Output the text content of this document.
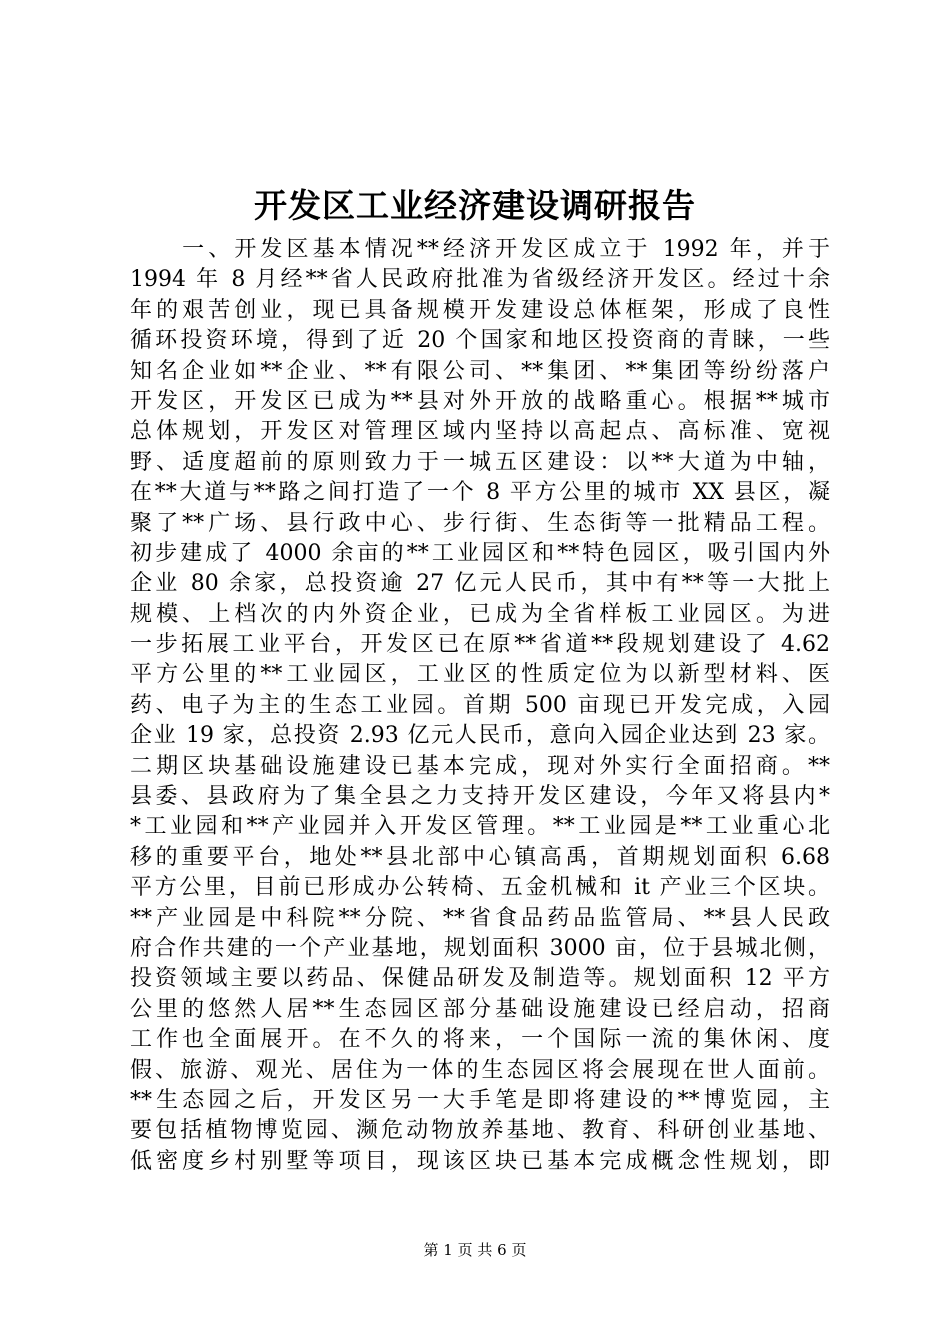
开发区工业经济建设调研报告
　　一、开发区基本情况**经济开发区成立于 1992 年，并于
1994 年 8 月经**省人民政府批准为省级经济开发区。经过十余
年的艰苦创业，现已具备规模开发建设总体框架，形成了良性
循环投资环境，得到了近 20 个国家和地区投资商的青睐，一些
知名企业如**企业、**有限公司、**集团、**集团等纷纷落户
开发区，开发区已成为**县对外开放的战略重心。根据**城市
总体规划，开发区对管理区域内坚持以高起点、高标准、宽视
野、适度超前的原则致力于一城五区建设：以**大道为中轴，
在**大道与**路之间打造了一个 8 平方公里的城市 XX 县区，凝
聚了**广场、县行政中心、步行街、生态街等一批精品工程。
初步建成了 4000 余亩的**工业园区和**特色园区，吸引国内外
企业 80 余家，总投资逾 27 亿元人民币，其中有**等一大批上
规模、上档次的内外资企业，已成为全省样板工业园区。为进
一步拓展工业平台，开发区已在原**省道**段规划建设了 4.62
平方公里的**工业园区，工业区的性质定位为以新型材料、医
药、电子为主的生态工业园。首期 500 亩现已开发完成，入园
企业 19 家，总投资 2.93 亿元人民币，意向入园企业达到 23 家。
二期区块基础设施建设已基本完成，现对外实行全面招商。**
县委、县政府为了集全县之力支持开发区建设，今年又将县内*
*工业园和**产业园并入开发区管理。**工业园是**工业重心北
移的重要平台，地处**县北部中心镇高禹，首期规划面积 6.68
平方公里，目前已形成办公转椅、五金机械和 it 产业三个区块。
**产业园是中科院**分院、**省食品药品监管局、**县人民政
府合作共建的一个产业基地，规划面积 3000 亩，位于县城北侧，
投资领域主要以药品、保健品研发及制造等。规划面积 12 平方
公里的悠然人居**生态园区部分基础设施建设已经启动，招商
工作也全面展开。在不久的将来，一个国际一流的集休闲、度
假、旅游、观光、居住为一体的生态园区将会展现在世人面前。
**生态园之后，开发区另一大手笔是即将建设的**博览园，主
要包括植物博览园、濒危动物放养基地、教育、科研创业基地、
低密度乡村别墅等项目，现该区块已基本完成概念性规划，即
第 1 页 共 6 页
